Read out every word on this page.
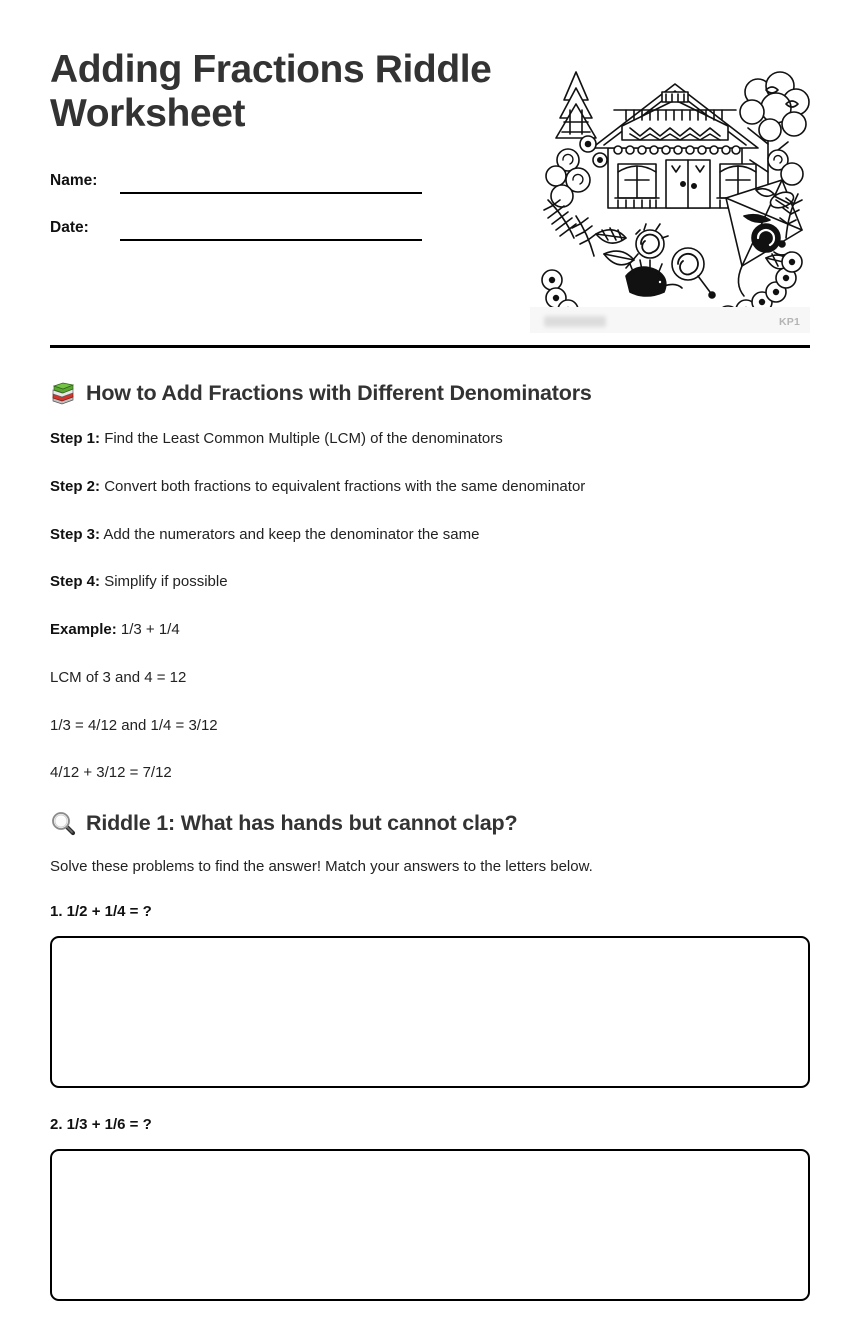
Adding Fractions Riddle Worksheet
Name:
Date:
KP1
How to Add Fractions with Different Denominators

Step 1: Find the Least Common Multiple (LCM) of the denominators

Step 2: Convert both fractions to equivalent fractions with the same denominator

Step 3: Add the numerators and keep the denominator the same

Step 4: Simplify if possible

Example: 1/3 + 1/4

LCM of 3 and 4 = 12

1/3 = 4/12 and 1/4 = 3/12

4/12 + 3/12 = 7/12

Riddle 1: What has hands but cannot clap?

Solve these problems to find the answer! Match your answers to the letters below.

1. 1/2 + 1/4 = ?

2. 1/3 + 1/6 = ?
